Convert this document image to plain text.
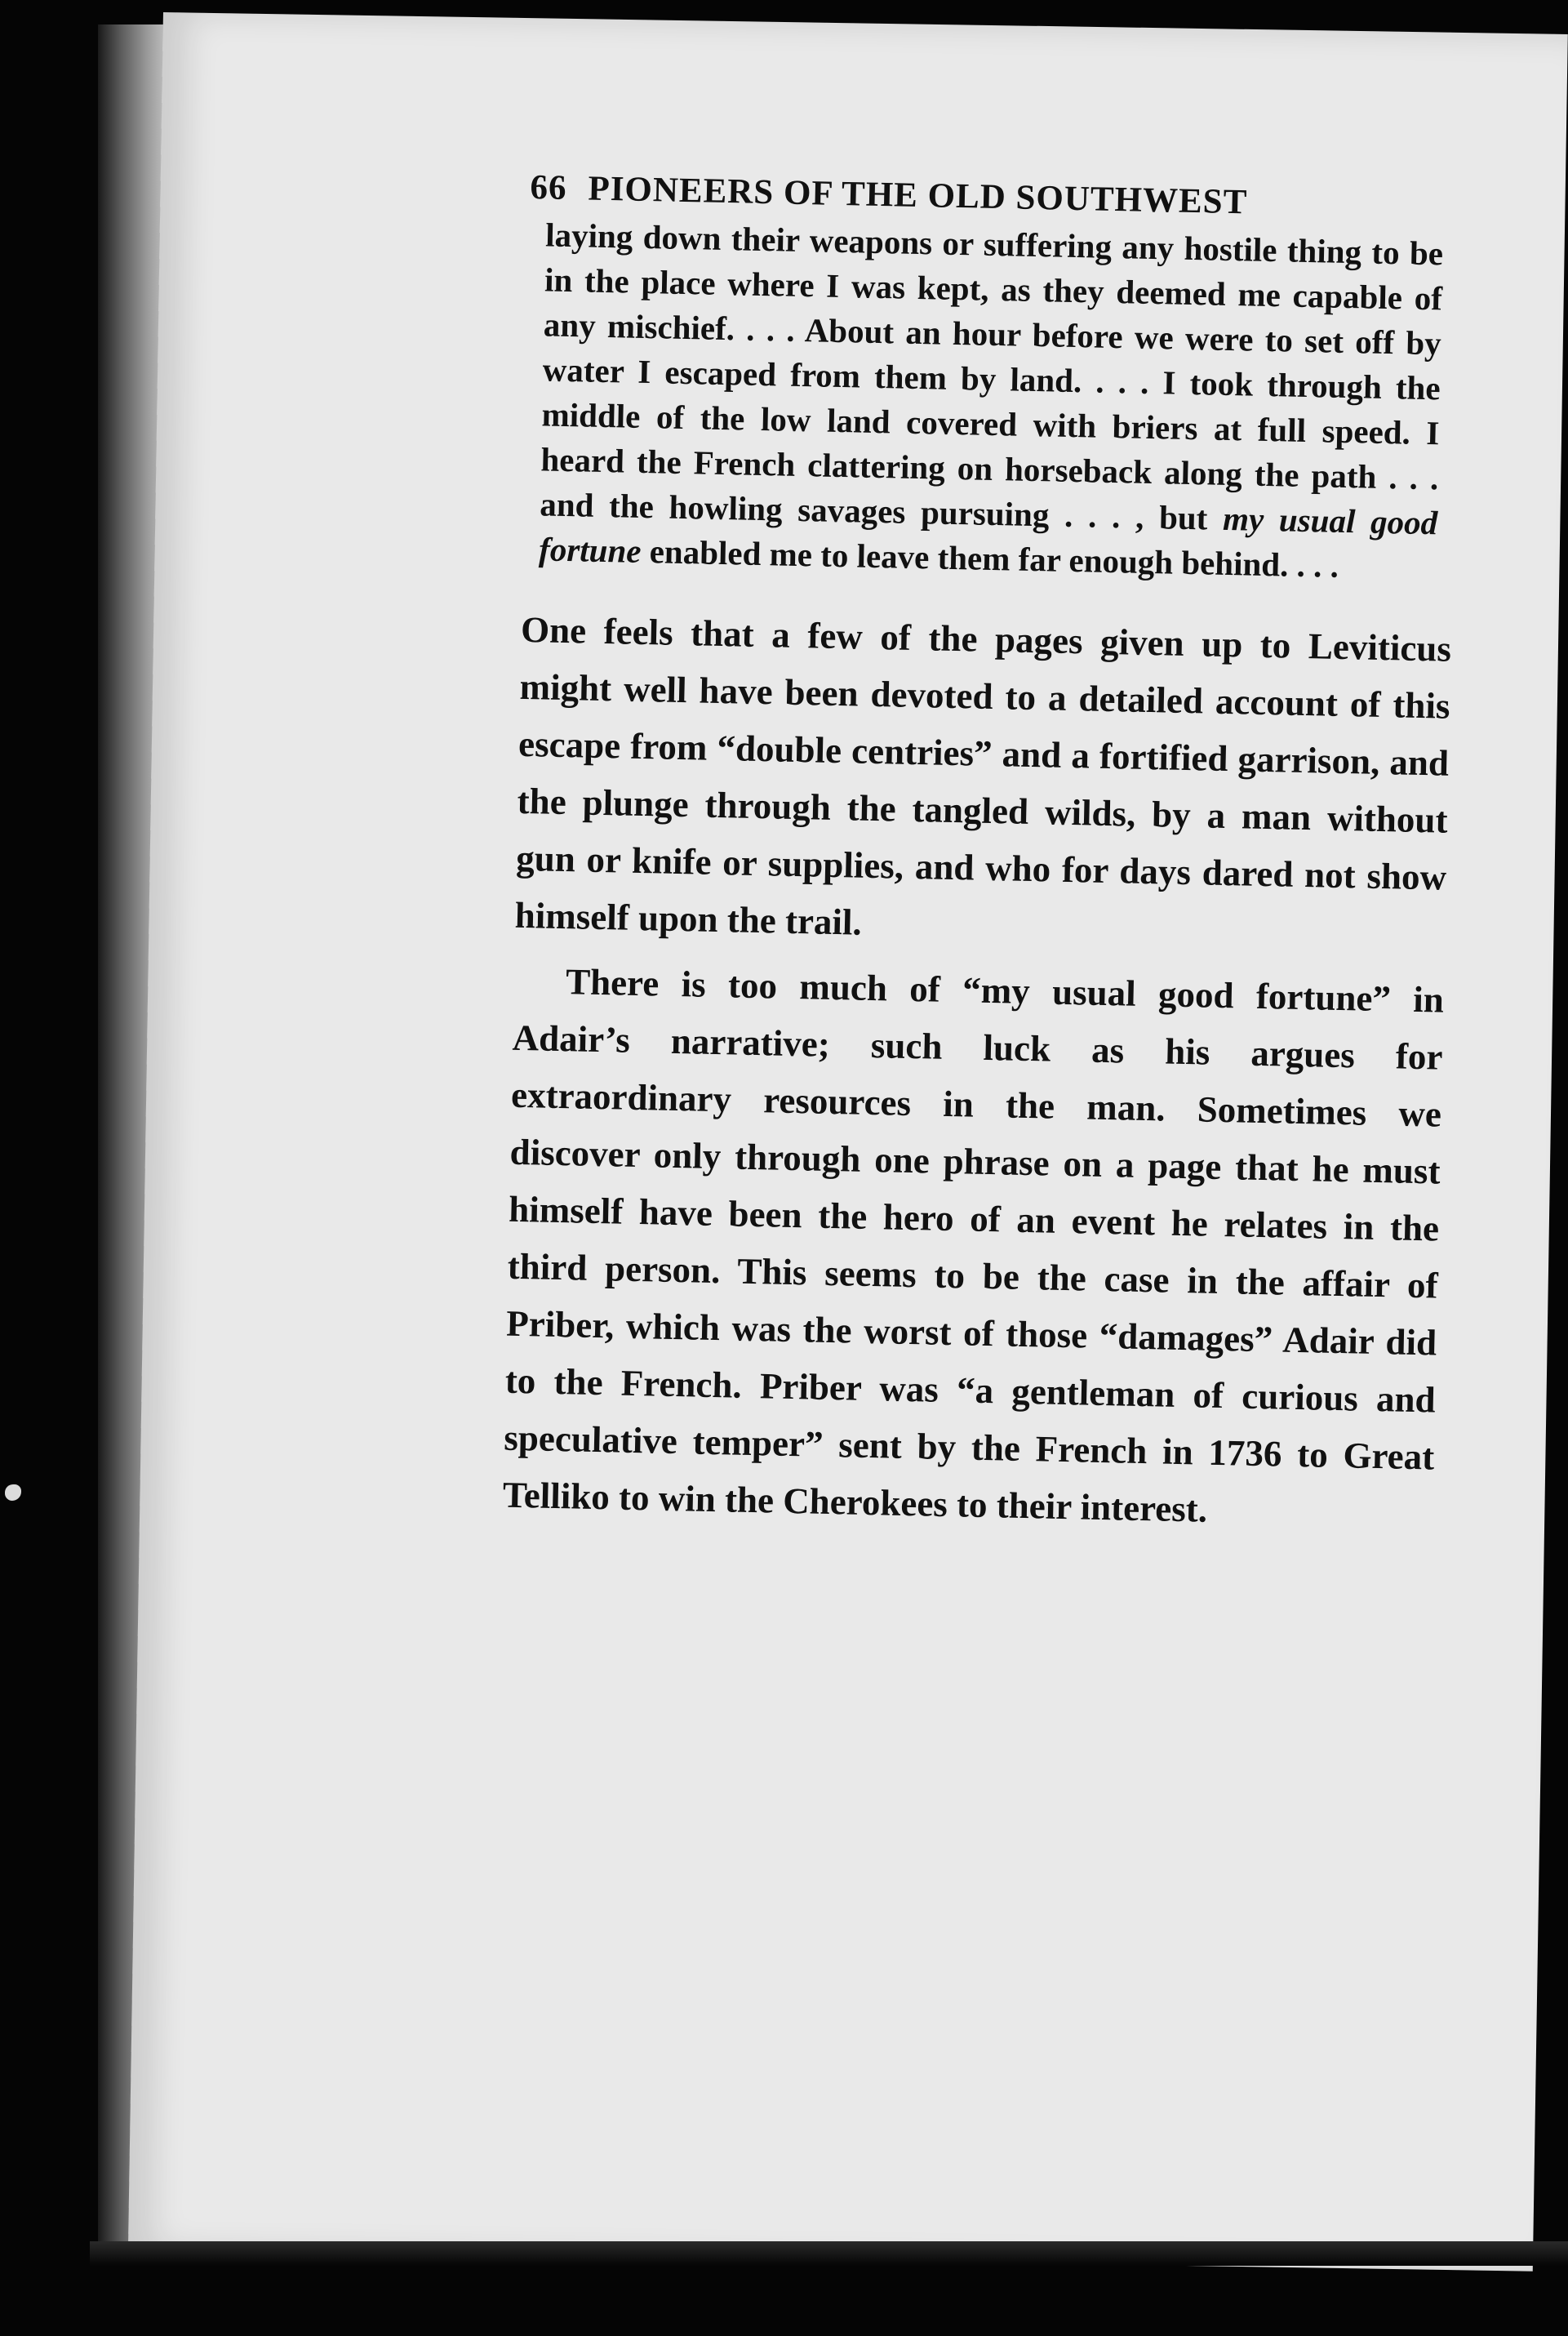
66 PIONEERS OF THE OLD SOUTHWEST

laying down their weapons or suffering any hostile thing to be in the place where I was kept, as they deemed me capable of any mischief. . . . About an hour before we were to set off by water I escaped from them by land. . . . I took through the middle of the low land covered with briers at full speed. I heard the French clattering on horseback along the path . . . and the howling savages pursuing . . . , but my usual good fortune enabled me to leave them far enough behind. . . .

One feels that a few of the pages given up to Leviticus might well have been devoted to a detailed account of this escape from “double centries” and a fortified garrison, and the plunge through the tangled wilds, by a man without gun or knife or supplies, and who for days dared not show himself upon the trail.

There is too much of “my usual good fortune” in Adair’s narrative; such luck as his argues for extraordinary resources in the man. Sometimes we discover only through one phrase on a page that he must himself have been the hero of an event he relates in the third person. This seems to be the case in the affair of Priber, which was the worst of those “damages” Adair did to the French. Priber was “a gentleman of curious and speculative temper” sent by the French in 1736 to Great Telliko to win the Cherokees to their interest.
